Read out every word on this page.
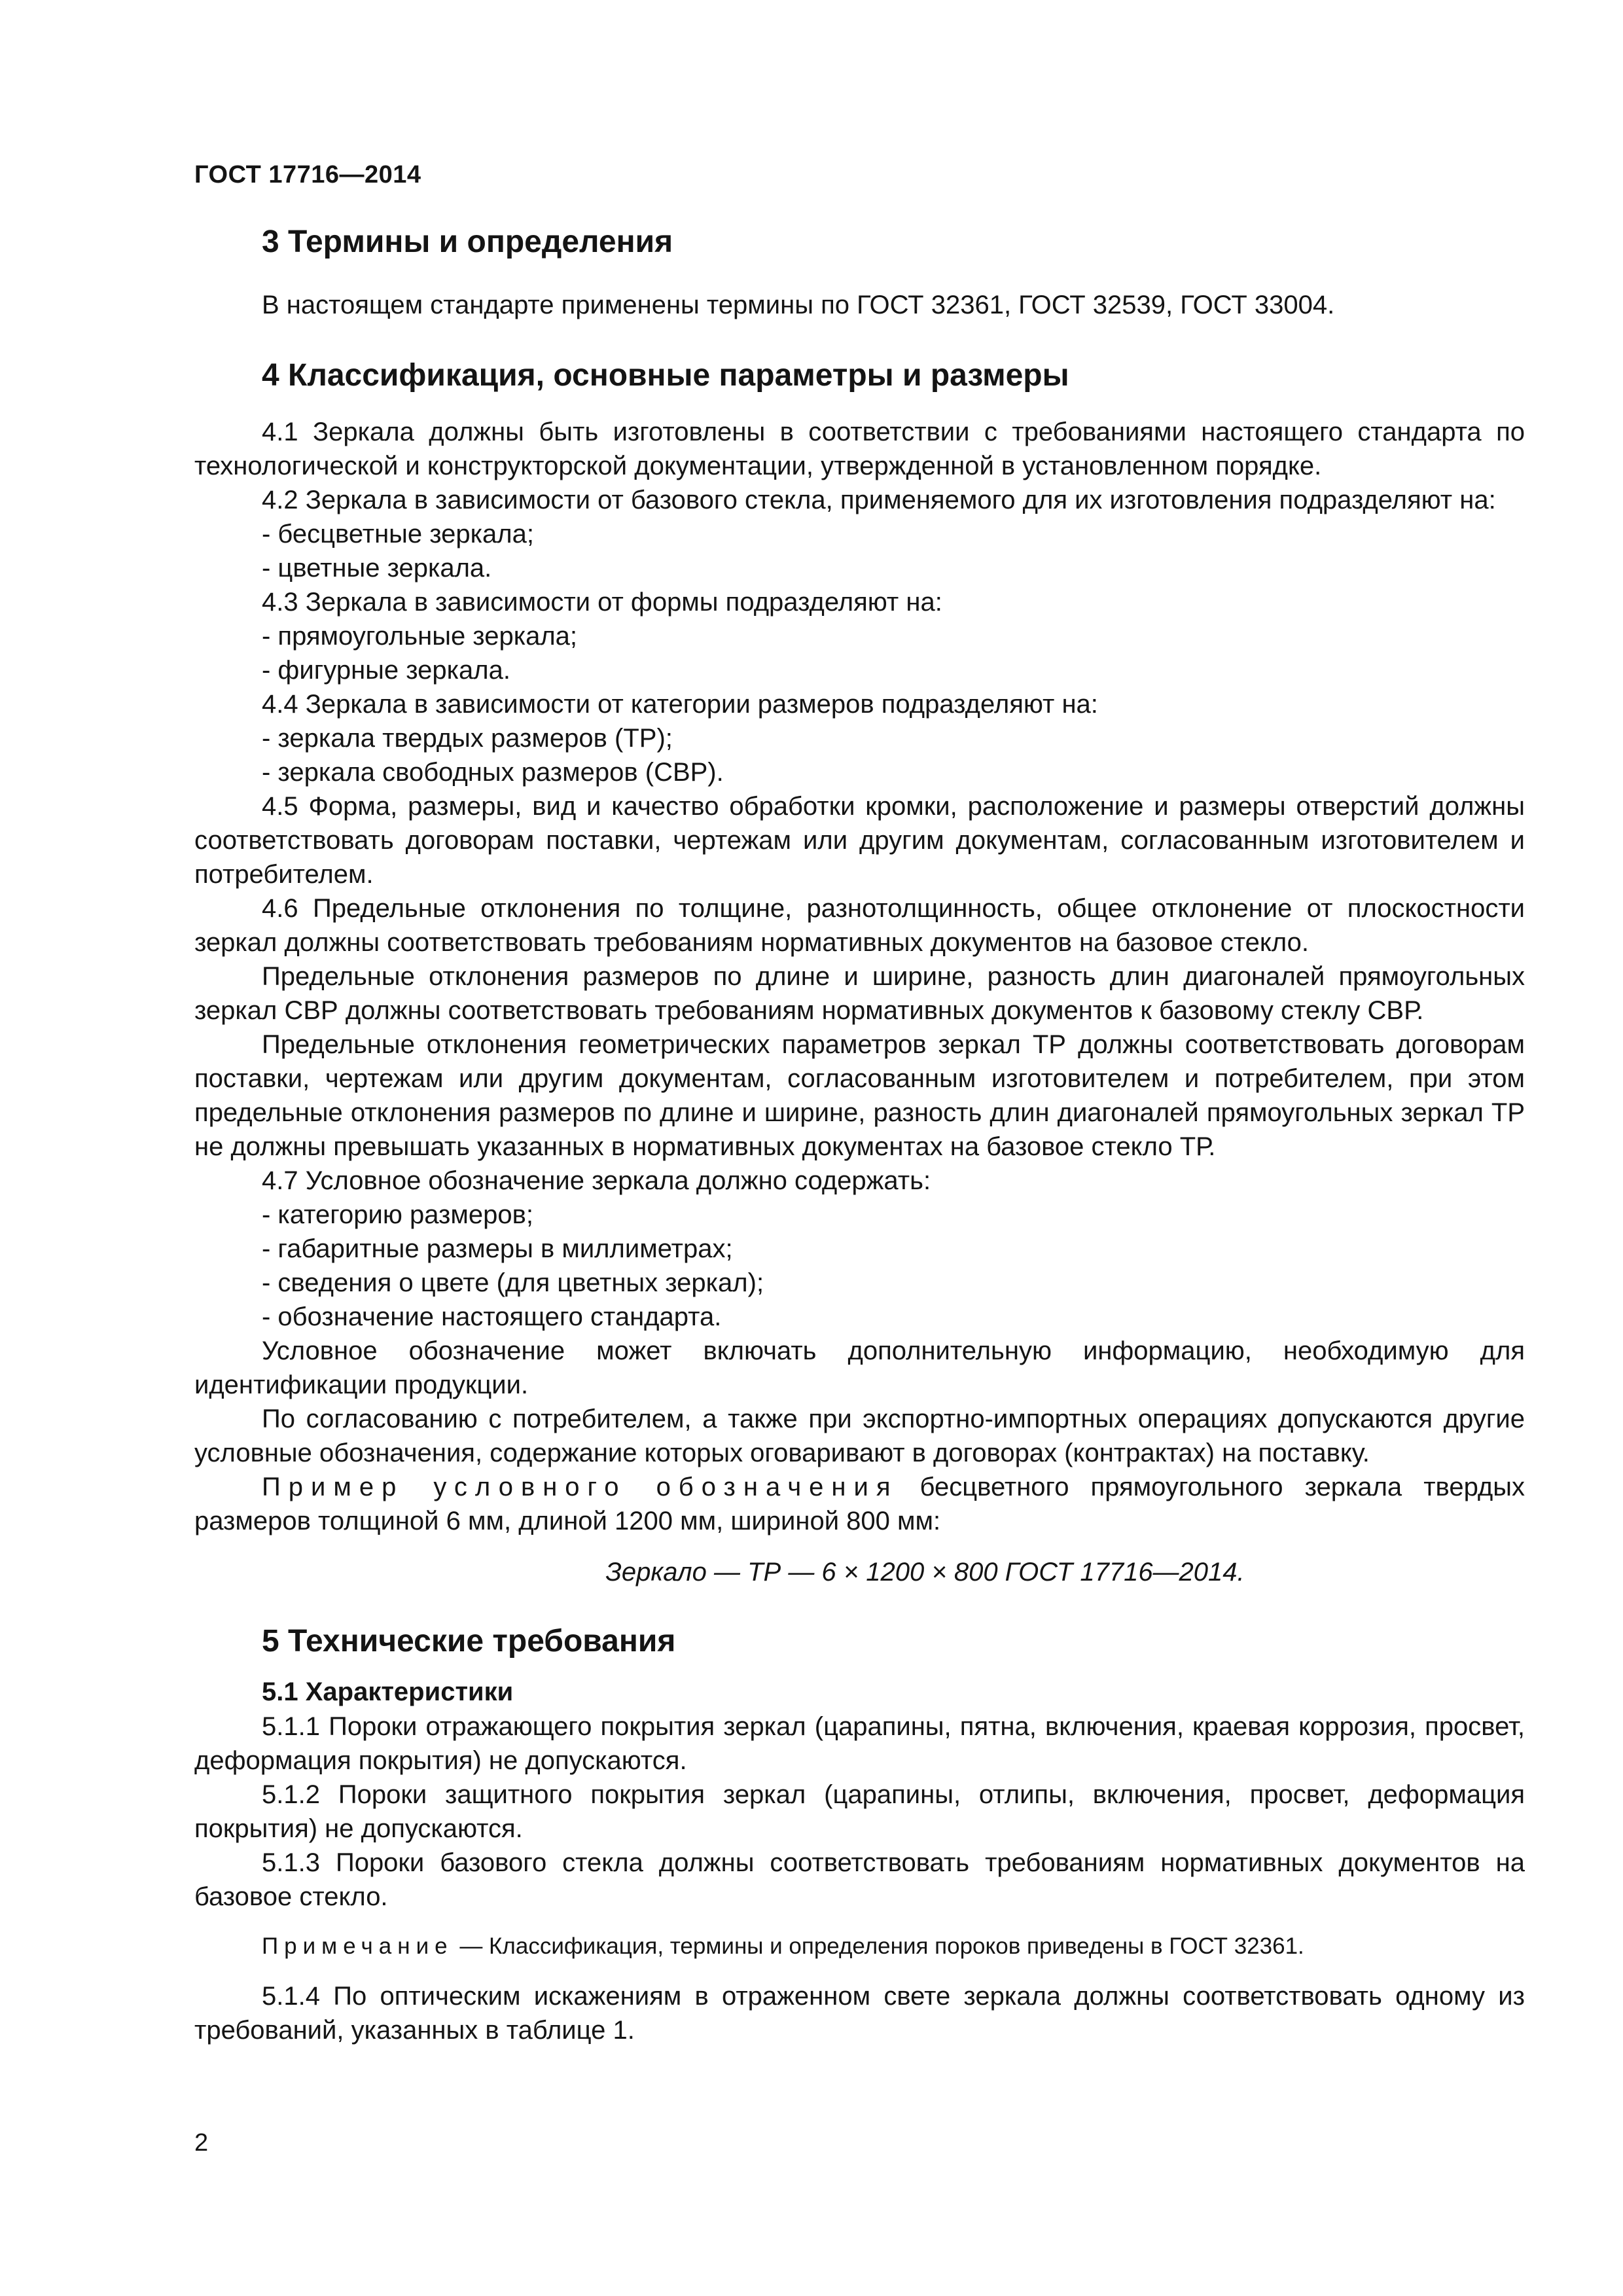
ГОСТ 17716—2014
3 Термины и определения

В настоящем стандарте применены термины по ГОСТ 32361, ГОСТ 32539, ГОСТ 33004.

4 Классификация, основные параметры и размеры

4.1 Зеркала должны быть изготовлены в соответствии с требованиями настоящего стандарта по технологической и конструкторской документации, утвержденной в установленном порядке.

4.2 Зеркала в зависимости от базового стекла, применяемого для их изготовления подразделяют на:

- бесцветные зеркала;

- цветные зеркала.

4.3 Зеркала в зависимости от формы подразделяют на:

- прямоугольные зеркала;

- фигурные зеркала.

4.4 Зеркала в зависимости от категории размеров подразделяют на:

- зеркала твердых размеров (ТР);

- зеркала свободных размеров (СВР).

4.5 Форма, размеры, вид и качество обработки кромки, расположение и размеры отверстий должны соответствовать договорам поставки, чертежам или другим документам, согласованным изготовителем и потребителем.

4.6 Предельные отклонения по толщине, разнотолщинность, общее отклонение от плоскостности зеркал должны соответствовать требованиям нормативных документов на базовое стекло.

Предельные отклонения размеров по длине и ширине, разность длин диагоналей прямоугольных зеркал СВР должны соответствовать требованиям нормативных документов к базовому стеклу СВР.

Предельные отклонения геометрических параметров зеркал ТР должны соответствовать договорам поставки, чертежам или другим документам, согласованным изготовителем и потребителем, при этом предельные отклонения размеров по длине и ширине, разность длин диагоналей прямоугольных зеркал ТР не должны превышать указанных в нормативных документах на базовое стекло ТР.

4.7 Условное обозначение зеркала должно содержать:

- категорию размеров;

- габаритные размеры в миллиметрах;

- сведения о цвете (для цветных зеркал);

- обозначение настоящего стандарта.

Условное обозначение может включать дополнительную информацию, необходимую для идентификации продукции.

По согласованию с потребителем, а также при экспортно-импортных операциях допускаются другие условные обозначения, содержание которых оговаривают в договорах (контрактах) на поставку.

Пример условного обозначения бесцветного прямоугольного зеркала твердых размеров толщиной 6 мм, длиной 1200 мм, шириной 800 мм:

Зеркало — ТР — 6 × 1200 × 800 ГОСТ 17716—2014.

5 Технические требования
5.1 Характеристики

5.1.1 Пороки отражающего покрытия зеркал (царапины, пятна, включения, краевая коррозия, просвет, деформация покрытия) не допускаются.

5.1.2 Пороки защитного покрытия зеркал (царапины, отлипы, включения, просвет, деформация покрытия) не допускаются.

5.1.3 Пороки базового стекла должны соответствовать требованиям нормативных документов на базовое стекло.

Примечание — Классификация, термины и определения пороков приведены в ГОСТ 32361.

5.1.4 По оптическим искажениям в отраженном свете зеркала должны соответствовать одному из требований, указанных в таблице 1.

2
